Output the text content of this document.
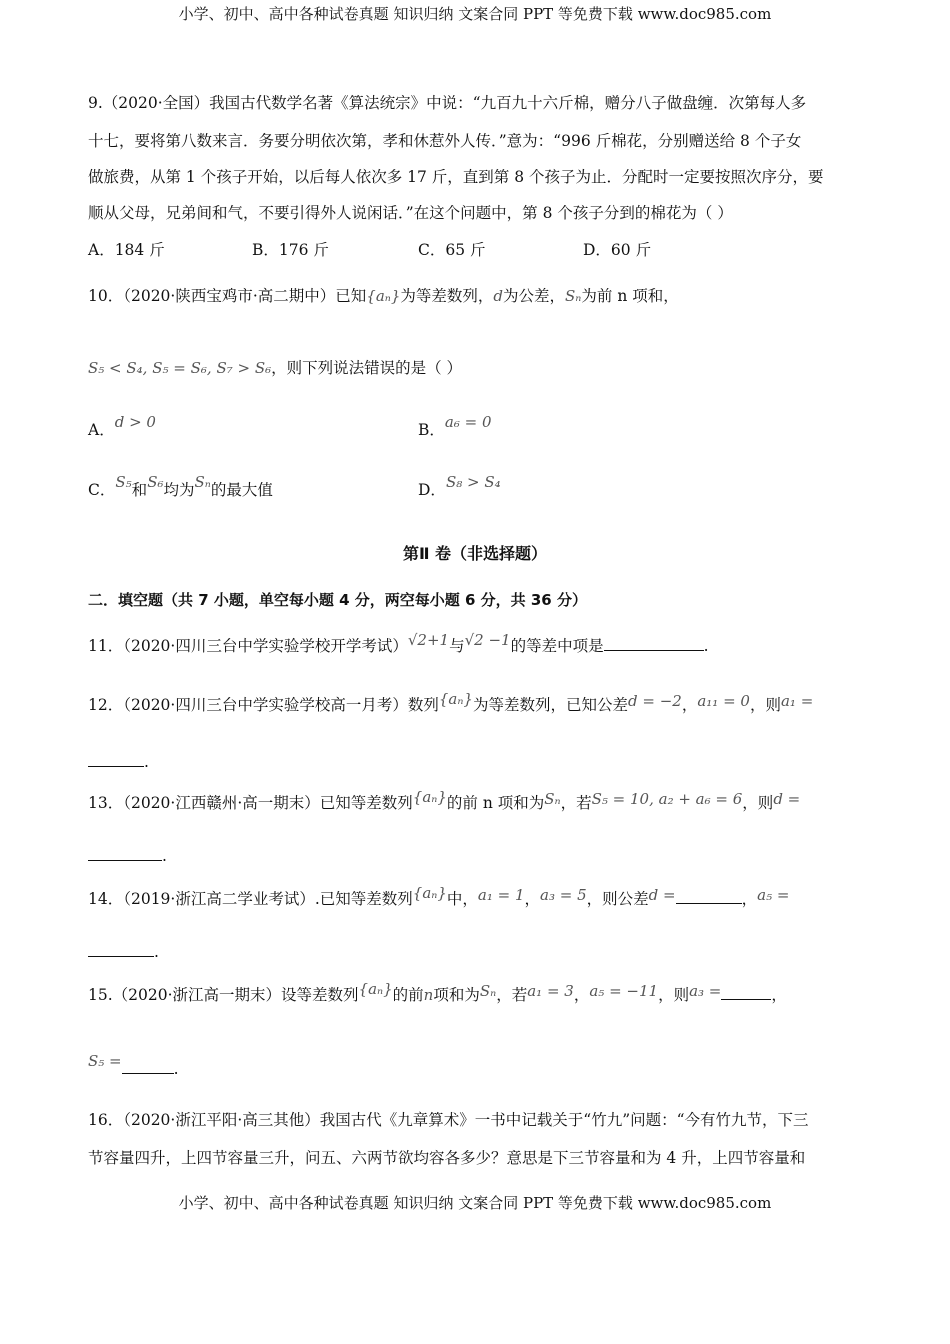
小学、初中、高中各种试卷真题 知识归纳 文案合同 PPT 等免费下载 www.doc985.com
9.（2020·全国）我国古代数学名著《算法统宗》中说：“九百九十六斤棉，赠分八子做盘缠．次第每人多
十七，要将第八数来言．务要分明依次第，孝和休惹外人传．”意为：“996 斤棉花，分别赠送给 8 个子女
做旅费，从第 1 个孩子开始，以后每人依次多 17 斤，直到第 8 个孩子为止．分配时一定要按照次序分，要
顺从父母，兄弟间和气，不要引得外人说闲话．”在这个问题中，第 8 个孩子分到的棉花为（ ）
A．184 斤	B．176 斤	C．65 斤	D．60 斤
10．（2020·陕西宝鸡市·高二期中）已知{aₙ}为等差数列，d为公差，Sₙ为前 n 项和，
S₅ < S₄, S₅ = S₆, S₇ > S₆，则下列说法错误的是（ ）
A．d > 0	B．a₆ = 0
C．S₅和S₆均为Sₙ的最大值	D．S₈ > S₄
第Ⅱ 卷（非选择题）
二．填空题（共 7 小题，单空每小题 4 分，两空每小题 6 分，共 36 分）
11．（2020·四川三台中学实验学校开学考试）√2+1与√2 −1的等差中项是	.
12．（2020·四川三台中学实验学校高一月考）数列{aₙ}为等差数列，已知公差d = −2，a₁₁ = 0，则a₁ =
.
13．（2020·江西赣州·高一期末）已知等差数列{aₙ}的前 n 项和为Sₙ，若S₅ = 10, a₂ + a₆ = 6，则d =
.
14．（2019·浙江高二学业考试）.已知等差数列{aₙ}中，a₁ = 1，a₃ = 5，则公差d =	，a₅ =
.
15.（2020·浙江高一期末）设等差数列{aₙ}的前n项和为Sₙ，若a₁ = 3，a₅ = −11，则a₃ =	，
S₅ =	.
16．（2020·浙江平阳·高三其他）我国古代《九章算术》一书中记载关于“竹九”问题：“今有竹九节，下三
节容量四升，上四节容量三升，问五、六两节欲均容各多少？意思是下三节容量和为 4 升，上四节容量和
小学、初中、高中各种试卷真题 知识归纳 文案合同 PPT 等免费下载 www.doc985.com
